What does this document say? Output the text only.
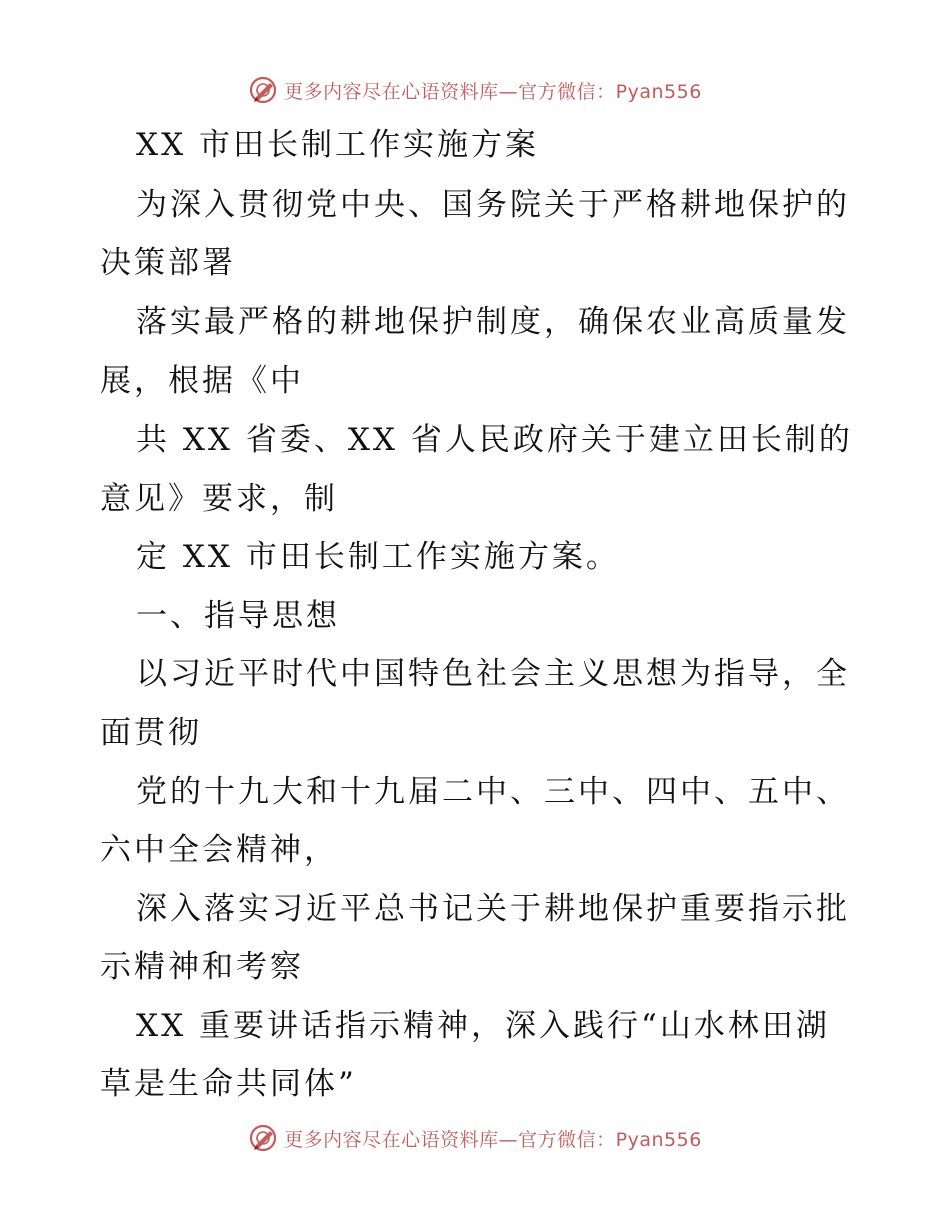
更多内容尽在心语资料库—官方微信：Pyan556
XX 市田长制工作实施方案
为深入贯彻党中央、国务院关于严格耕地保护的
决策部署
落实最严格的耕地保护制度，确保农业高质量发
展，根据《中
共 XX 省委、XX 省人民政府关于建立田长制的
意见》要求，制
定 XX 市田长制工作实施方案。
一、指导思想
以习近平时代中国特色社会主义思想为指导，全
面贯彻
党的十九大和十九届二中、三中、四中、五中、
六中全会精神，
深入落实习近平总书记关于耕地保护重要指示批
示精神和考察
XX 重要讲话指示精神，深入践行“山水林田湖
草是生命共同体”
更多内容尽在心语资料库—官方微信：Pyan556
